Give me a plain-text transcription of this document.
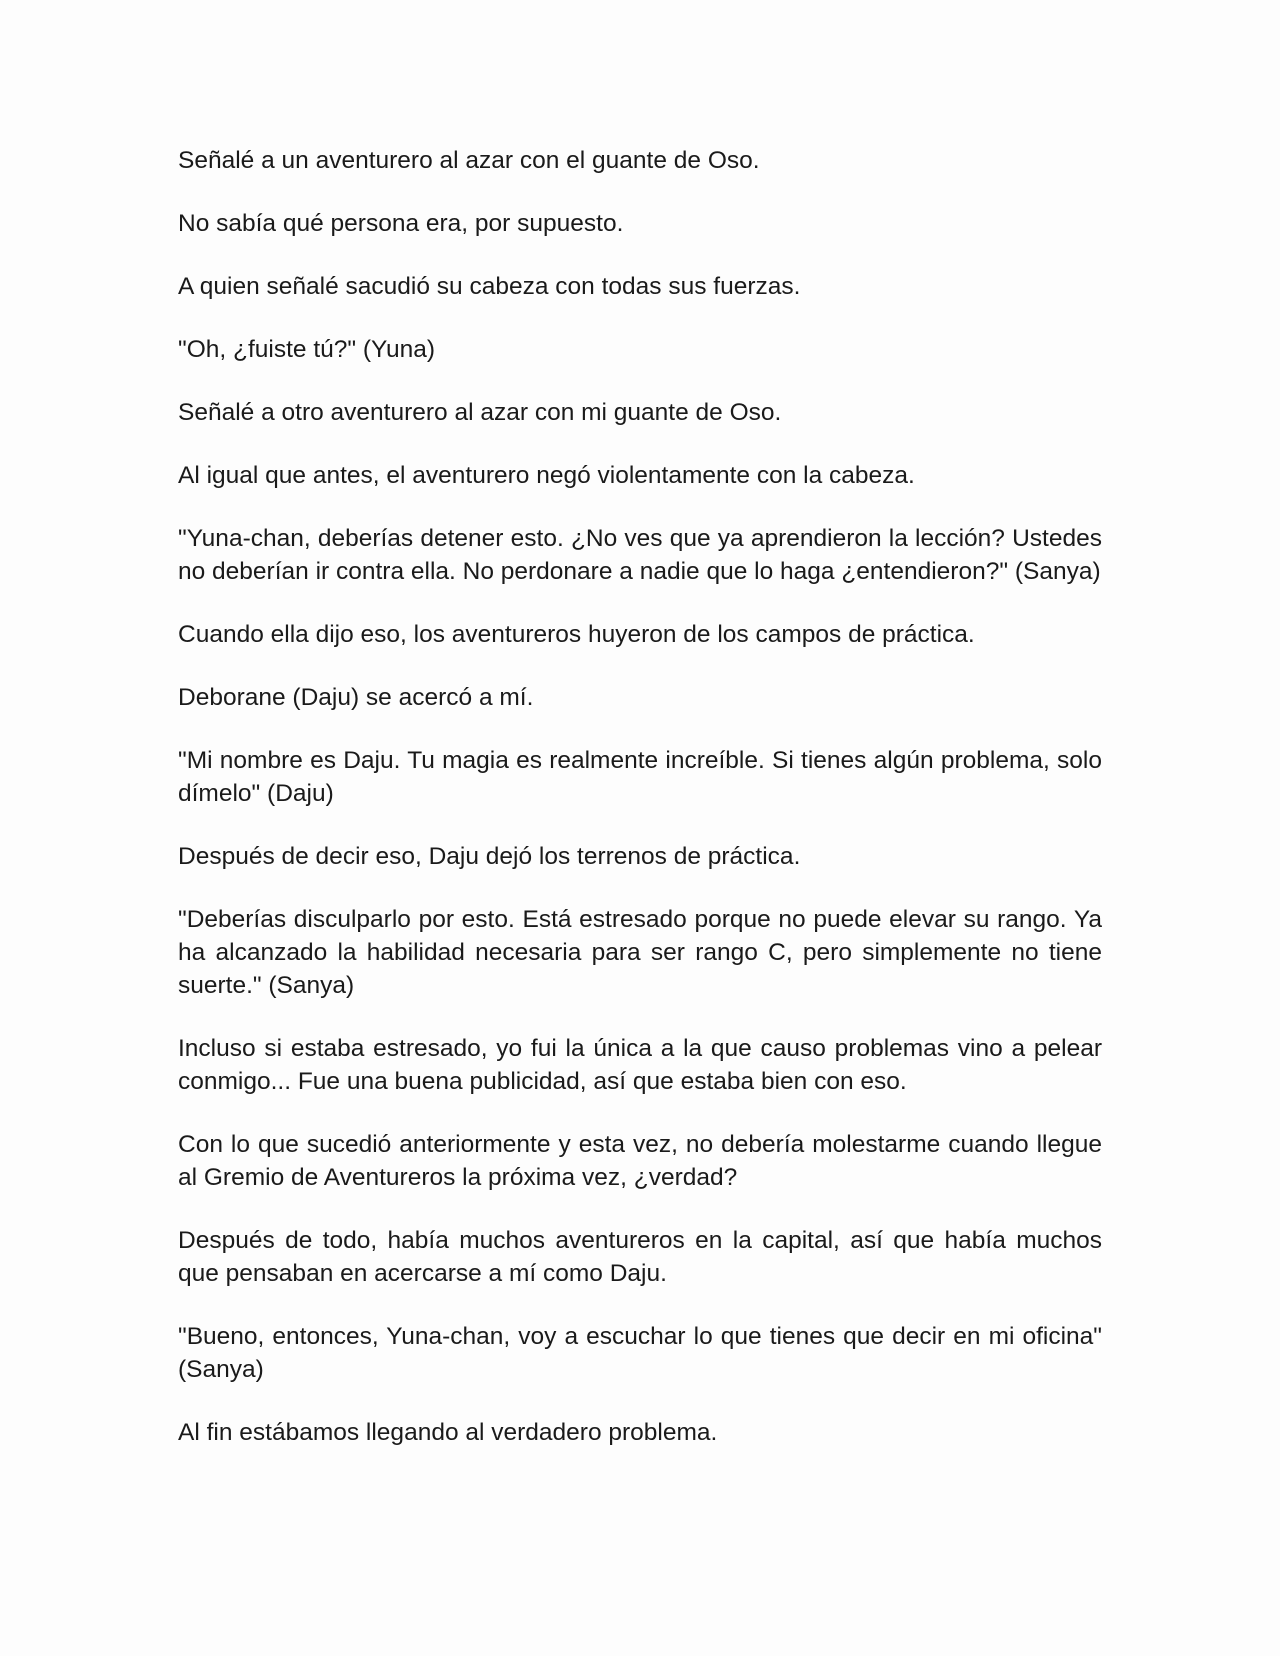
Señalé a un aventurero al azar con el guante de Oso.

No sabía qué persona era, por supuesto.

A quien señalé sacudió su cabeza con todas sus fuerzas.

"Oh, ¿fuiste tú?" (Yuna)

Señalé a otro aventurero al azar con mi guante de Oso.

Al igual que antes, el aventurero negó violentamente con la cabeza.

"Yuna-chan, deberías detener esto. ¿No ves que ya aprendieron la lección? Ustedes no deberían ir contra ella. No perdonare a nadie que lo haga ¿entendieron?" (Sanya)

Cuando ella dijo eso, los aventureros huyeron de los campos de práctica.

Deborane (Daju) se acercó a mí.

"Mi nombre es Daju. Tu magia es realmente increíble. Si tienes algún problema, solo dímelo" (Daju)

Después de decir eso, Daju dejó los terrenos de práctica.

"Deberías disculparlo por esto. Está estresado porque no puede elevar su rango. Ya ha alcanzado la habilidad necesaria para ser rango C, pero simplemente no tiene suerte." (Sanya)

Incluso si estaba estresado, yo fui la única a la que causo problemas vino a pelear conmigo... Fue una buena publicidad, así que estaba bien con eso.

Con lo que sucedió anteriormente y esta vez, no debería molestarme cuando llegue al Gremio de Aventureros la próxima vez, ¿verdad?

Después de todo, había muchos aventureros en la capital, así que había muchos que pensaban en acercarse a mí como Daju.

"Bueno, entonces, Yuna-chan, voy a escuchar lo que tienes que decir en mi oficina" (Sanya)

Al fin estábamos llegando al verdadero problema.
